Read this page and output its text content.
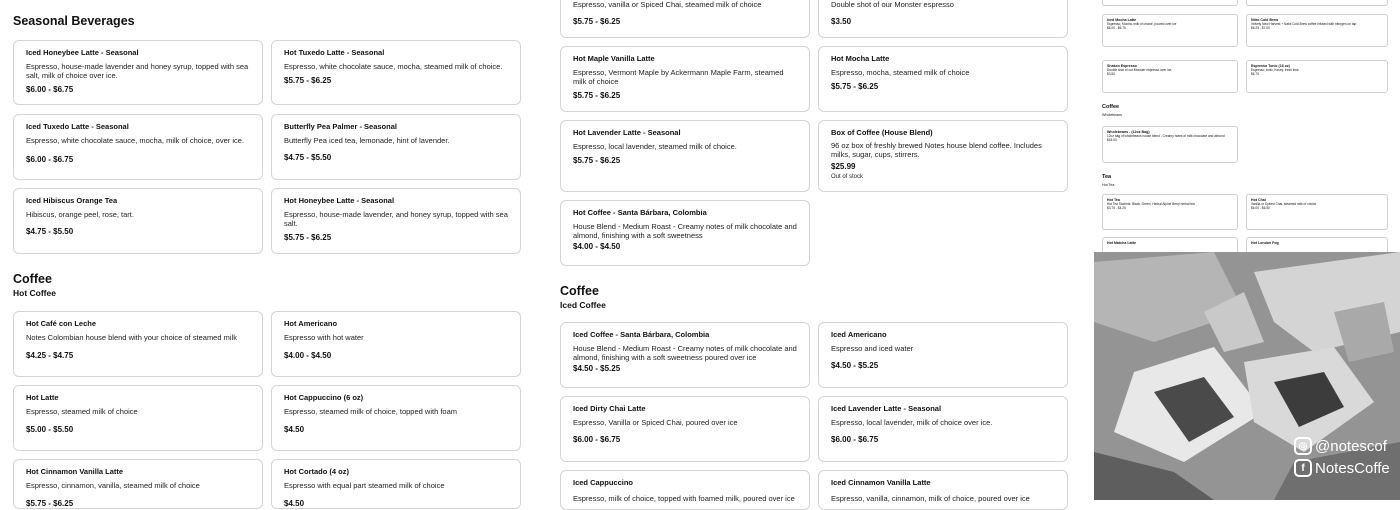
Seasonal Beverages
Iced Honeybee Latte - Seasonal
Espresso, house-made lavender and honey syrup, topped with sea salt, milk of choice over ice.
$6.00 - $6.75
Hot Tuxedo Latte - Seasonal
Espresso, white chocolate sauce, mocha, steamed milk of choice.
$5.75 - $6.25
Iced Tuxedo Latte - Seasonal
Espresso, white chocolate sauce, mocha, milk of choice, over ice.
$6.00 - $6.75
Butterfly Pea Palmer - Seasonal
Butterfly Pea iced tea, lemonade, hint of lavender.
$4.75 - $5.50
Iced Hibiscus Orange Tea
Hibiscus, orange peel, rose, tart.
$4.75 - $5.50
Hot Honeybee Latte - Seasonal
Espresso, house-made lavender, and honey syrup, topped with sea salt.
$5.75 - $6.25
Coffee
Hot Coffee
Hot Café con Leche
Notes Colombian house blend with your choice of steamed milk
$4.25 - $4.75
Hot Americano
Espresso with hot water
$4.00 - $4.50
Hot Latte
Espresso, steamed milk of choice
$5.00 - $5.50
Hot Cappuccino (6 oz)
Espresso, steamed milk of choice, topped with foam
$4.50
Hot Cinnamon Vanilla Latte
Espresso, cinnamon, vanilla, steamed milk of choice
$5.75 - $6.25
Hot Cortado (4 oz)
Espresso with equal part steamed milk of choice
$4.50
Espresso, vanilla or Spiced Chai, steamed milk of choice
$5.75 - $6.25
Double shot of our Monster espresso
$3.50
Hot Maple Vanilla Latte
Espresso, Vermont Maple by Ackermann Maple Farm, steamed milk of choice
$5.75 - $6.25
Hot Mocha Latte
Espresso, mocha, steamed milk of choice
$5.75 - $6.25
Hot Lavender Latte - Seasonal
Espresso, local lavender, steamed milk of choice.
$5.75 - $6.25
Box of Coffee (House Blend)
96 oz box of freshly brewed Notes house blend coffee. Includes milks, sugar, cups, stirrers.
$25.99
Out of stock
Hot Coffee - Santa Bárbara, Colombia
House Blend - Medium Roast - Creamy notes of milk chocolate and almond, finishing with a soft sweetness
$4.00 - $4.50
Coffee
Iced Coffee
Iced Coffee - Santa Bárbara, Colombia
House Blend - Medium Roast - Creamy notes of milk chocolate and almond, finishing with a soft sweetness poured over ice
$4.50 - $5.25
Iced Americano
Espresso and iced water
$4.50 - $5.25
Iced Dirty Chai Latte
Espresso, Vanilla or Spiced Chai, poured over ice
$6.00 - $6.75
Iced Lavender Latte - Seasonal
Espresso, local lavender, milk of choice over ice.
$6.00 - $6.75
Iced Cappuccino
Espresso, milk of choice, topped with foamed milk, poured over ice
Iced Cinnamon Vanilla Latte
Espresso, vanilla, cinnamon, milk of choice, poured over ice
Iced Mocha Latte
Espresso, Mocha, milk of choice, poured over ice
$6.00 - $6.75
Nitro Cold Brew
Velvety New Harvest + Nabii Cold Brew coffee infused with nitrogen on tap
$6.25 - $7.00
Shaken Espresso
Double shot of our Monster espresso over ice.
$3.50
Espresso Tonic (16 oz)
Espresso, tonic, honey, fresh lime.
$6.75
Coffee
Wholebeans
Wholebeans - (12oz Bag)
12oz bag of wholebeans house blend - Creamy notes of milk chocolate and almond
$18.00
Tea
Hot Tea
Hot Tea
Hot Tea Sachets: Black, Green, Herbal Alpine Berry herbal tea
$3.75 - $4.25
Hot Chai
Vanilla or Spiced Chai, steamed milk of choice
$6.00 - $6.50
Hot Matcha Latte	Hot London Fog
◎ @notescof
f NotesCoffe
